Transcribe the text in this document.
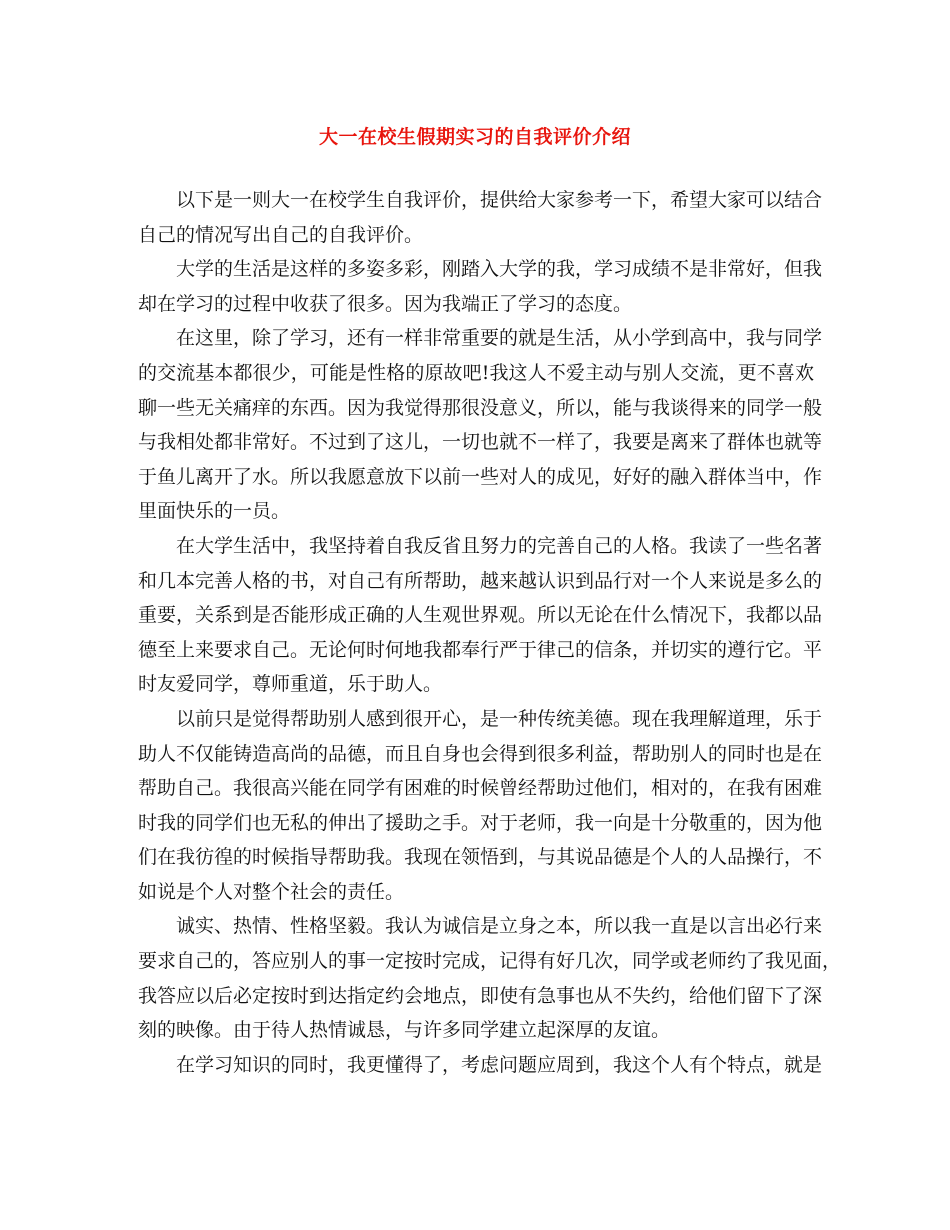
大一在校生假期实习的自我评价介绍
以下是一则大一在校学生自我评价，提供给大家参考一下，希望大家可以结合
自己的情况写出自己的自我评价。
大学的生活是这样的多姿多彩，刚踏入大学的我，学习成绩不是非常好，但我
却在学习的过程中收获了很多。因为我端正了学习的态度。
在这里，除了学习，还有一样非常重要的就是生活，从小学到高中，我与同学
的交流基本都很少，可能是性格的原故吧!我这人不爱主动与别人交流，更不喜欢
聊一些无关痛痒的东西。因为我觉得那很没意义，所以，能与我谈得来的同学一般
与我相处都非常好。不过到了这儿，一切也就不一样了，我要是离来了群体也就等
于鱼儿离开了水。所以我愿意放下以前一些对人的成见，好好的融入群体当中，作
里面快乐的一员。
在大学生活中，我坚持着自我反省且努力的完善自己的人格。我读了一些名著
和几本完善人格的书，对自己有所帮助，越来越认识到品行对一个人来说是多么的
重要，关系到是否能形成正确的人生观世界观。所以无论在什么情况下，我都以品
德至上来要求自己。无论何时何地我都奉行严于律己的信条，并切实的遵行它。平
时友爱同学，尊师重道，乐于助人。
以前只是觉得帮助别人感到很开心，是一种传统美德。现在我理解道理，乐于
助人不仅能铸造高尚的品德，而且自身也会得到很多利益，帮助别人的同时也是在
帮助自己。我很高兴能在同学有困难的时候曾经帮助过他们，相对的，在我有困难
时我的同学们也无私的伸出了援助之手。对于老师，我一向是十分敬重的，因为他
们在我彷徨的时候指导帮助我。我现在领悟到，与其说品德是个人的人品操行，不
如说是个人对整个社会的责任。
诚实、热情、性格坚毅。我认为诚信是立身之本，所以我一直是以言出必行来
要求自己的，答应别人的事一定按时完成，记得有好几次，同学或老师约了我见面，
我答应以后必定按时到达指定约会地点，即使有急事也从不失约，给他们留下了深
刻的映像。由于待人热情诚恳，与许多同学建立起深厚的友谊。
在学习知识的同时，我更懂得了，考虑问题应周到，我这个人有个特点，就是
